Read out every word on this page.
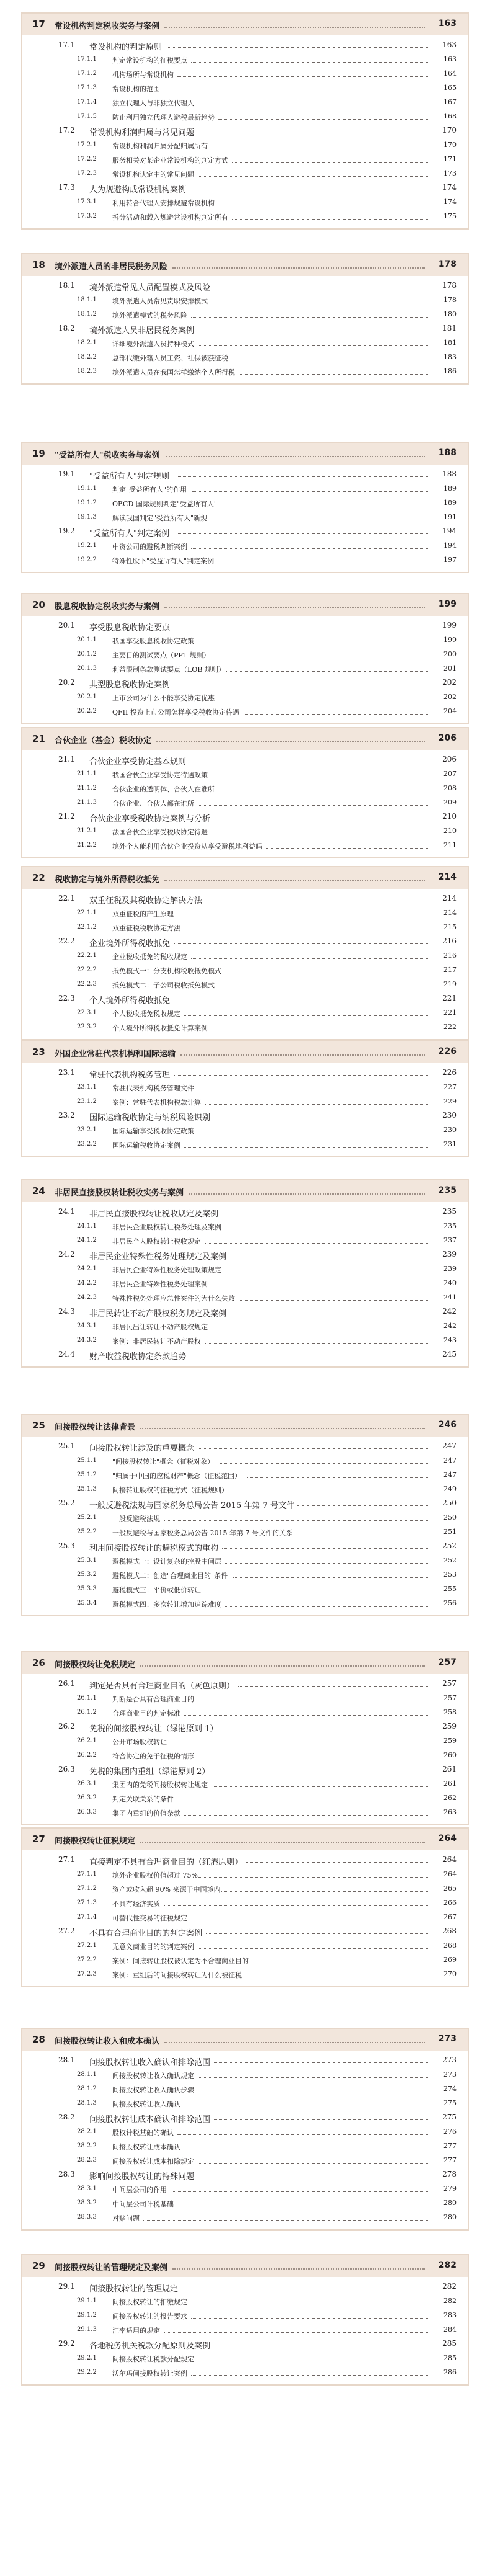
17 常设机构判定税收实务与案例	163
17.1 常设机构的判定原则	163
17.1.1 判定常设机构的征税要点	163
17.1.2 机构场所与常设机构	164
17.1.3 常设机构的范围	165
17.1.4 独立代理人与非独立代理人	167
17.1.5 防止利用独立代理人避税最新趋势	168
17.2 常设机构利润归属与常见问题	170
17.2.1 常设机构利润归属分配归属所有	170
17.2.2 服务相关对某企业常设机构的判定方式	171
17.2.3 常设机构认定中的常见问题	173
17.3 人为规避构成常设机构案例	174
17.3.1 利用转合代理人安排规避常设机构	174
17.3.2 拆分活动和载入规避常设机构判定所有	175
18 境外派遣人员的非居民税务风险	178
18.1 境外派遣常见人员配置模式及风险	178
18.1.1 境外派遣人员常见责职安排模式	178
18.1.2 境外派遣模式的税务风险	180
18.2 境外派遣人员非居民税务案例	181
18.2.1 详细境外派遣人员持种模式	181
18.2.2 总部代缴外籍人员工资、社保被获征税	183
18.2.3 境外派遣人员在我国怎样缴纳个人所得税	186
19 "受益所有人"税收实务与案例	188
19.1 "受益所有人"判定规则	188
19.1.1 判定"受益所有人"的作用	189
19.1.2 OECD 国际规则判定"受益所有人"	189
19.1.3 解读我国判定"受益所有人"新规	191
19.2 "受益所有人"判定案例	194
19.2.1 中资公司的避税判断案例	194
19.2.2 特殊性股下"受益所有人"判定案例	197
20 股息税收协定税收实务与案例	199
20.1 享受股息税收协定要点	199
20.1.1 我国享受股息税收协定政策	199
20.1.2 主要目的测试要点（PPT 规则）	200
20.1.3 利益限制条款测试要点（LOB 规则）	201
20.2 典型股息税收协定案例	202
20.2.1 上市公司为什么不能享受协定优惠	202
20.2.2 QFII 投资上市公司怎样享受税收协定待遇	204
21 合伙企业（基金）税收协定	206
21.1 合伙企业享受协定基本规则	206
21.1.1 我国合伙企业享受协定待遇政策	207
21.1.2 合伙企业的透明体、合伙人在谁所	208
21.1.3 合伙企业、合伙人都在谁所	209
21.2 合伙企业享受税收协定案例与分析	210
21.2.1 法国合伙企业享受税收协定待遇	210
21.2.2 境外个人能利用合伙企业投资从享受避税地利益吗	211
22 税收协定与境外所得税收抵免	214
22.1 双重征税及其税收协定解决方法	214
22.1.1 双重征税的产生原理	214
22.1.2 双重征税税收协定方法	215
22.2 企业境外所得税收抵免	216
22.2.1 企业税收抵免的税收规定	216
22.2.2 抵免模式一：分支机构税收抵免模式	217
22.2.3 抵免模式二：子公司税收抵免模式	219
22.3 个人境外所得税收抵免	221
22.3.1 个人税收抵免税收规定	221
22.3.2 个人境外所得税收抵免计算案例	222
23 外国企业常驻代表机构和国际运输	226
23.1 常驻代表机构税务管理	226
23.1.1 常驻代表机构税务管理文件	227
23.1.2 案例：常驻代表机构税款计算	229
23.2 国际运输税收协定与纳税风险识别	230
23.2.1 国际运输享受税收协定政策	230
23.2.2 国际运输税收协定案例	231
24 非居民直接股权转让税收实务与案例	235
24.1 非居民直接股权转让税收规定及案例	235
24.1.1 非居民企业股权转让税务处理及案例	235
24.1.2 非居民个人股权转让税收规定	237
24.2 非居民企业特殊性税务处理规定及案例	239
24.2.1 非居民企业特殊性税务处理政策规定	239
24.2.2 非居民企业特殊性税务处理案例	240
24.2.3 特殊性税务处理应急性案件的为什么失败	241
24.3 非居民转让不动产股权税务规定及案例	242
24.3.1 非居民出让转让不动产股权规定	242
24.3.2 案例：非居民转让不动产股权	243
24.4 财产收益税收协定条款趋势	245
25 间接股权转让法律背景	246
25.1 间接股权转让涉及的重要概念	247
25.1.1 "间接股权转让"概念（征税对象）	247
25.1.2 "归属于中国的应税财产"概念（征税范围）	247
25.1.3 间接转让股权的征税方式（征税规则）	249
25.2 一般反避税法规与国家税务总局公告 2015 年第 7 号文件	250
25.2.1 一般反避税法规	250
25.2.2 一般反避税与国家税务总局公告 2015 年第 7 号文件的关系	251
25.3 利用间接股权转让的避税模式的重构	252
25.3.1 避税模式一：设计复杂的控股中间层	252
25.3.2 避税模式二：创造"合理商业目的"条件	253
25.3.3 避税模式三：平价或低价转让	255
25.3.4 避税模式四：多次转让增加追踪难度	256
26 间接股权转让免税规定	257
26.1 判定是否具有合理商业目的（灰色原则）	257
26.1.1 判断是否具有合理商业目的	257
26.1.2 合理商业目的判定标准	258
26.2 免税的间接股权转让（绿港原则 1）	259
26.2.1 公开市场股权转让	259
26.2.2 符合协定的免于征税的情形	260
26.3 免税的集团内重组（绿港原则 2）	261
26.3.1 集团内的免税间接股权转让规定	261
26.3.2 判定关联关系的条件	262
26.3.3 集团内重组的价值条款	263
27 间接股权转让征税规定	264
27.1 直接判定不具有合理商业目的（红港原则）	264
27.1.1 境外企业股权价值超过 75%	264
27.1.2 资产或收入超 90% 来源于中国境内	265
27.1.3 不具有经济实质	266
27.1.4 可替代性交易的征税规定	267
27.2 不具有合理商业目的的判定案例	268
27.2.1 无意义商业目的的判定案例	268
27.2.2 案例：间接转让股权被认定为不合理商业目的	269
27.2.3 案例：重组后的间接股权转让为什么被征税	270
28 间接股权转让收入和成本确认	273
28.1 间接股权转让收入确认和排除范围	273
28.1.1 间接股权转让收入确认规定	273
28.1.2 间接股权转让收入确认步骤	274
28.1.3 间接股权转让收入确认	275
28.2 间接股权转让成本确认和排除范围	275
28.2.1 股权计税基础的确认	276
28.2.2 间接股权转让成本确认	277
28.2.3 间接股权转让成本扣除规定	277
28.3 影响间接股权转让的特殊问题	278
28.3.1 中间层公司的作用	279
28.3.2 中间层公司计税基础	280
28.3.3 对赌问题	280
29 间接股权转让的管理规定及案例	282
29.1 间接股权转让的管理规定	282
29.1.1 间接股权转让的扣缴规定	282
29.1.2 间接股权转让的报告要求	283
29.1.3 汇率适用的规定	284
29.2 各地税务机关税款分配原则及案例	285
29.2.1 间接股权转让税款分配规定	285
29.2.2 沃尔玛间接股权转让案例	286
